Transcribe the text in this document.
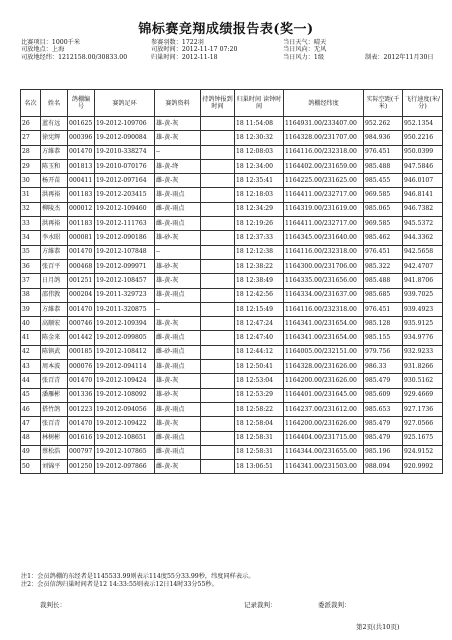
锦标赛竞翔成绩报告表(奖一)
比赛项目：1000千米	参赛羽数：1722羽	当日天气：晴天
司放地点：上海	司放时间：2012-11-17 07:20	当日风向：无风
司放地经纬：1212158.00/30833.00	归巢时间：2012-11-18	当日风力：1级	制表：2012年11月30日
名次	姓名	鸽棚编号	赛鸽足环	赛鸽资料	持鸽钟报到时间	归巢时间 读钟时间	鸽棚经纬度	实际空距(千米)	飞行速度(米/分)
26	蓝有远	001625	19-2012-109706	雄-黄-灰		18 11:54:08	1164931.00/233407.00	952.262	952.1354
27	徐宪辉	000396	19-2012-090084	雄-黄-灰		18 12:30:32	1164328.00/231707.00	984.936	950.2216
28	方維恭	001470	19-2010-338274	--		18 12:08:03	1164116.00/232318.00	976.451	950.0399
29	陈玉和	001813	19-2010-070176	雄-黄-绛		18 12:34:00	1164402.00/231659.00	985.488	947.5846
30	杨开苗	000411	19-2012-097164	雌-黄-灰		18 12:35:41	1164225.00/231625.00	985.455	946.0107
31	洪再裕	001183	19-2012-203415	雄-黄-雨点		18 12:18:03	1164411.00/232717.00	969.585	946.8141
32	柳陵杰	000012	19-2012-109460	雌-黄-雨点		18 12:34:29	1164319.00/231619.00	985.065	946.7382
33	洪再裕	001183	19-2012-111763	雌-黄-雨点		18 12:19:26	1164411.00/232717.00	969.585	945.5372
34	李水昭	000081	19-2012-090186	雄-砂-灰		18 12:37:33	1164345.00/231640.00	985.462	944.3362
35	方維恭	001470	19-2012-107848	--		18 12:12:38	1164116.00/232318.00	976.451	942.5658
36	张百平	000468	19-2012-099971	雄-砂-灰		18 12:38:22	1164300.00/231706.00	985.322	942.4707
37	日月鸽	001251	19-2012-108457	雄-黄-灰		18 12:38:49	1164335.00/231656.00	985.488	941.8706
38	邵伟敦	000204	19-2011-329723	雄-黄-雨点		18 12:42:56	1164334.00/231637.00	985.685	939.7025
39	方維恭	001470	19-2011-320875	--		18 12:15:49	1164116.00/232318.00	976.451	939.4923
40	高顺宏	000746	19-2012-109394	雄-黄-灰		18 12:47:24	1164341.00/231654.00	985.128	935.9125
41	陈金来	001442	19-2012-099805	雌-黄-雨点		18 12:47:40	1164341.00/231654.00	985.155	934.9776
42	陈镇武	000185	19-2012-108412	雌-砂-雨点		18 12:44:12	1164005.00/232151.00	979.756	932.9233
43	周本波	000076	19-2012-094114	雄-黄-雨点		18 12:50:41	1164328.00/231626.00	986.33	931.8266
44	张百青	001470	19-2012-109424	雄-黄-灰		18 12:53:04	1164200.00/231626.00	985.479	930.5162
45	潘雁彬	001336	19-2012-108092	雄-砂-灰		18 12:53:29	1164401.00/231645.00	985.609	929.4669
46	搭竹鸽	001223	19-2012-094056	雄-黄-雨点		18 12:58:22	1164237.00/231612.00	985.653	927.1736
47	张百青	001470	19-2012-109422	雄-黄-灰		18 12:58:04	1164200.00/231626.00	985.479	927.0566
48	林树彬	001616	19-2012-108651	雌-黄-雨点		18 12:58:31	1164404.00/231715.00	985.479	925.1675
49	蔡松浩	000797	19-2012-107865	雌-黄-雨点		18 12:58:31	1164344.00/231655.00	985.196	924.9152
50	刘锦平	001250	19-2012-097866	雌-黄-灰		18 13:06:51	1164341.00/231503.00	988.094	920.9992
注1：会员鸽棚的东经者是1145533.99则表示114度55分33.99秒，纬度同样表示。
注2：会员信鸽归巢时间者是12 14:33:55则表示12日14时33分55秒。
裁判长：	记录裁判：	委派裁判：
第2页(共10页)
